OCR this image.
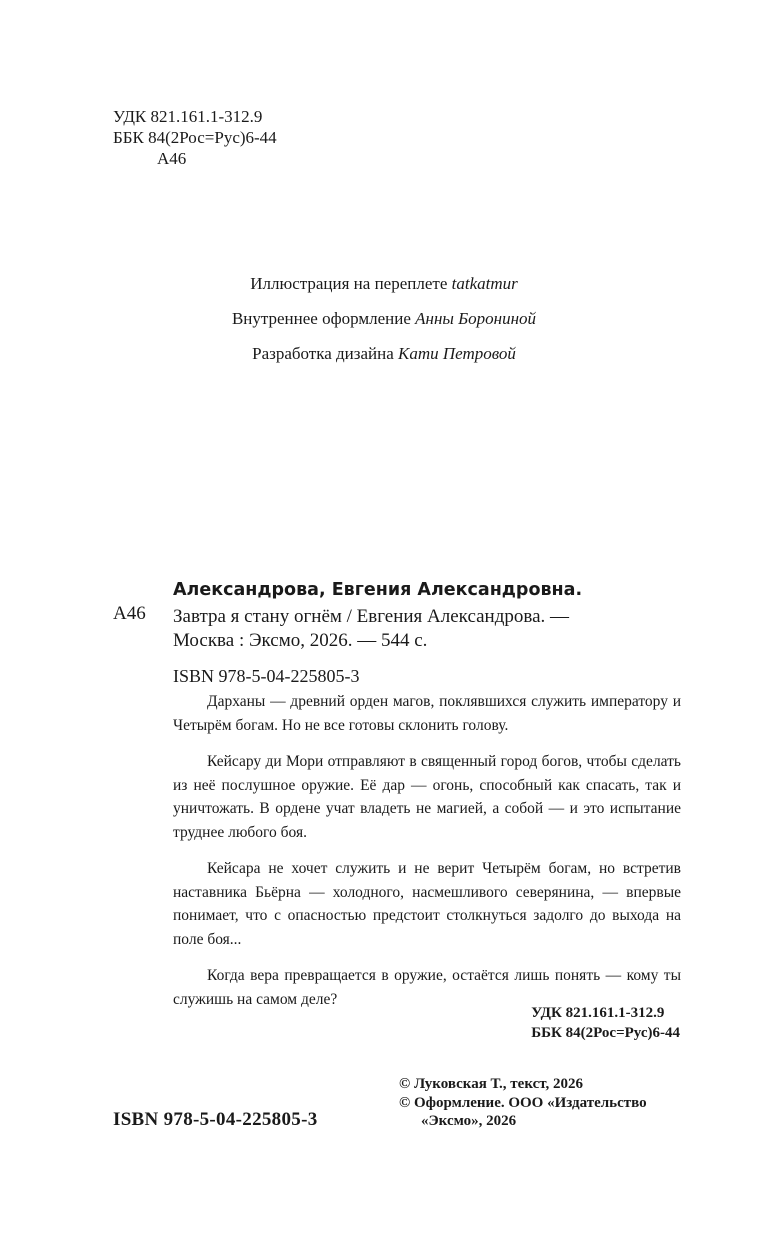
УДК 821.161.1-312.9
ББК 84(2Рос=Рус)6-44
А46
Иллюстрация на переплете tatkatmur
Внутреннее оформление Анны Борониной
Разработка дизайна Кати Петровой
А46
Александрова, Евгения Александровна.
Завтра я стану огнём / Евгения Александрова. —
Москва : Эксмо, 2026. — 544 с.
ISBN 978-5-04-225805-3

Дарханы — древний орден магов, поклявшихся служить императору и Четырём богам. Но не все готовы склонить голову.

Кейсару ди Мори отправляют в священный город богов, чтобы сделать из неё послушное оружие. Её дар — огонь, способный как спасать, так и уничтожать. В ордене учат владеть не магией, а собой — и это испытание труднее любого боя.

Кейсара не хочет служить и не верит Четырём богам, но встретив наставника Бьёрна — холодного, насмешливого северянина, — впервые понимает, что с опасностью предстоит столкнуться задолго до выхода на поле боя...

Когда вера превращается в оружие, остаётся лишь понять — кому ты служишь на самом деле?

УДК 821.161.1-312.9
ББК 84(2Рос=Рус)6-44
ISBN 978-5-04-225805-3
© Луковская Т., текст, 2026
© Оформление. ООО «Издательство
«Эксмо», 2026
